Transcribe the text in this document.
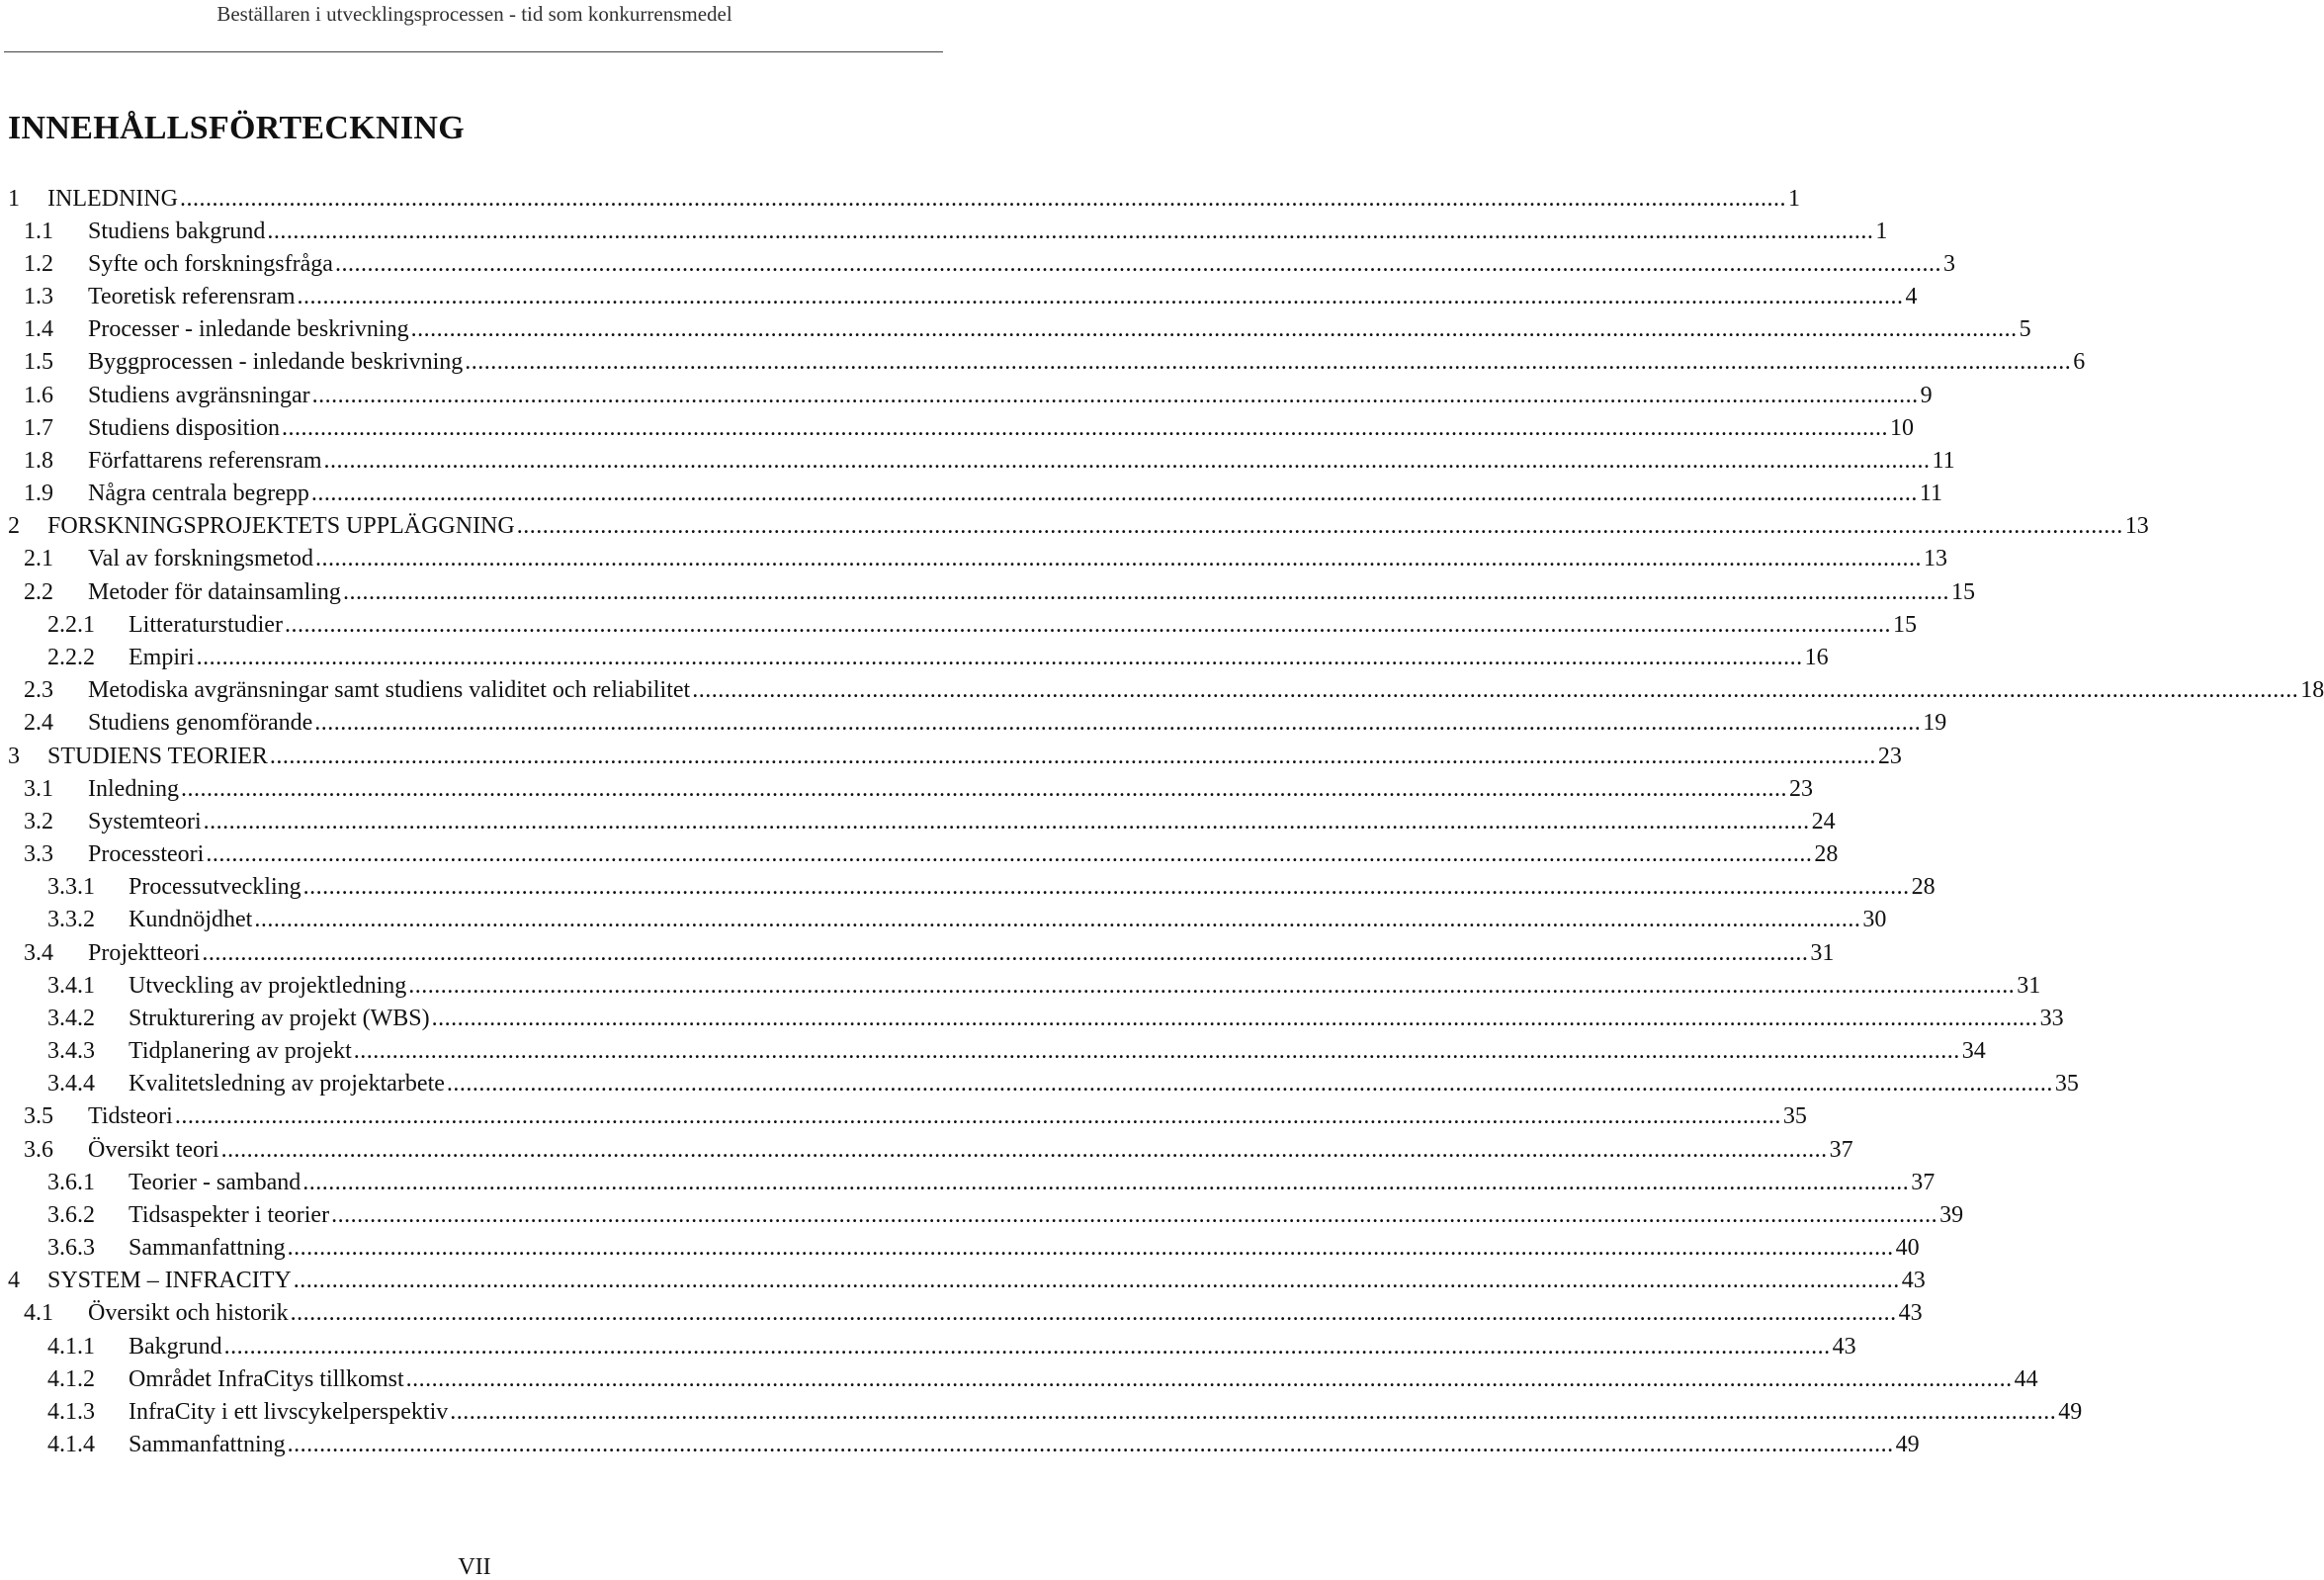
Beställaren i utvecklingsprocessen - tid som konkurrensmedel
INNEHÅLLSFÖRTECKNING
1 INLEDNING .......................................................................................................................................................................................................................................................... 1
1.1 Studiens bakgrund .......................................................................................................................................................................................................................................................... 1
1.2 Syfte och forskningsfråga .......................................................................................................................................................................................................................................................... 3
1.3 Teoretisk referensram .......................................................................................................................................................................................................................................................... 4
1.4 Processer - inledande beskrivning .......................................................................................................................................................................................................................................................... 5
1.5 Byggprocessen - inledande beskrivning .......................................................................................................................................................................................................................................................... 6
1.6 Studiens avgränsningar .......................................................................................................................................................................................................................................................... 9
1.7 Studiens disposition .......................................................................................................................................................................................................................................................... 10
1.8 Författarens referensram .......................................................................................................................................................................................................................................................... 11
1.9 Några centrala begrepp .......................................................................................................................................................................................................................................................... 11
2 FORSKNINGSPROJEKTETS UPPLÄGGNING .......................................................................................................................................................................................................................................................... 13
2.1 Val av forskningsmetod .......................................................................................................................................................................................................................................................... 13
2.2 Metoder för datainsamling .......................................................................................................................................................................................................................................................... 15
2.2.1 Litteraturstudier .......................................................................................................................................................................................................................................................... 15
2.2.2 Empiri .......................................................................................................................................................................................................................................................... 16
2.3 Metodiska avgränsningar samt studiens validitet och reliabilitet .......................................................................................................................................................................................................................................................... 18
2.4 Studiens genomförande .......................................................................................................................................................................................................................................................... 19
3 STUDIENS TEORIER .......................................................................................................................................................................................................................................................... 23
3.1 Inledning .......................................................................................................................................................................................................................................................... 23
3.2 Systemteori .......................................................................................................................................................................................................................................................... 24
3.3 Processteori .......................................................................................................................................................................................................................................................... 28
3.3.1 Processutveckling .......................................................................................................................................................................................................................................................... 28
3.3.2 Kundnöjdhet .......................................................................................................................................................................................................................................................... 30
3.4 Projektteori .......................................................................................................................................................................................................................................................... 31
3.4.1 Utveckling av projektledning .......................................................................................................................................................................................................................................................... 31
3.4.2 Strukturering av projekt (WBS) .......................................................................................................................................................................................................................................................... 33
3.4.3 Tidplanering av projekt .......................................................................................................................................................................................................................................................... 34
3.4.4 Kvalitetsledning av projektarbete .......................................................................................................................................................................................................................................................... 35
3.5 Tidsteori .......................................................................................................................................................................................................................................................... 35
3.6 Översikt teori .......................................................................................................................................................................................................................................................... 37
3.6.1 Teorier - samband .......................................................................................................................................................................................................................................................... 37
3.6.2 Tidsaspekter i teorier .......................................................................................................................................................................................................................................................... 39
3.6.3 Sammanfattning .......................................................................................................................................................................................................................................................... 40
4 SYSTEM – INFRACITY .......................................................................................................................................................................................................................................................... 43
4.1 Översikt och historik .......................................................................................................................................................................................................................................................... 43
4.1.1 Bakgrund .......................................................................................................................................................................................................................................................... 43
4.1.2 Området InfraCitys tillkomst .......................................................................................................................................................................................................................................................... 44
4.1.3 InfraCity i ett livscykelperspektiv .......................................................................................................................................................................................................................................................... 49
4.1.4 Sammanfattning .......................................................................................................................................................................................................................................................... 49
VII
